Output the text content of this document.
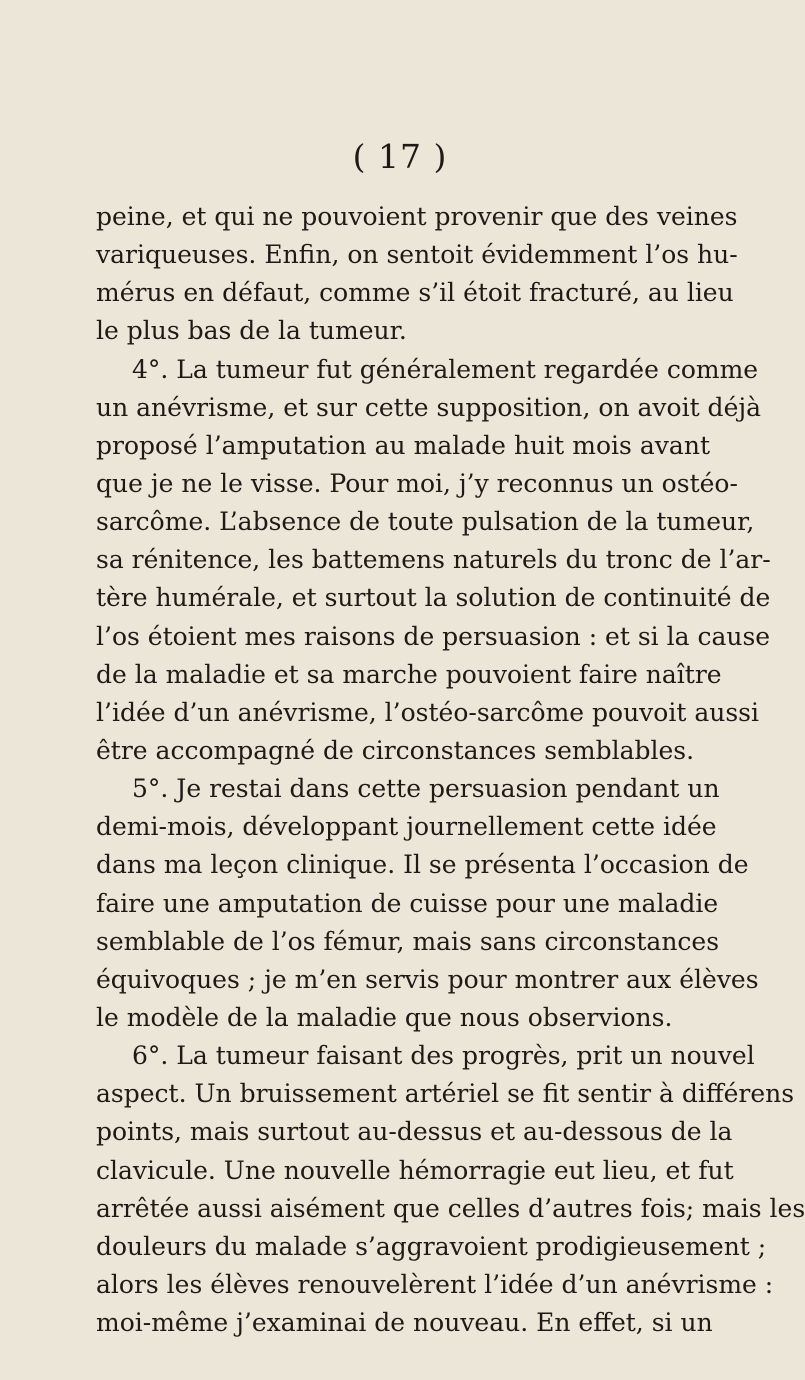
( 17 )
peine, et qui ne pouvoient provenir que des veines
variqueuses. Enfin, on sentoit évidemment l’os hu-
mérus en défaut, comme s’il étoit fracturé, au lieu
le plus bas de la tumeur.
4°. La tumeur fut généralement regardée comme
un anévrisme, et sur cette supposition, on avoit déjà
proposé l’amputation au malade huit mois avant
que je ne le visse. Pour moi, j’y reconnus un ostéo-
sarcôme. L’absence de toute pulsation de la tumeur,
sa rénitence, les battemens naturels du tronc de l’ar-
tère humérale, et surtout la solution de continuité de
l’os étoient mes raisons de persuasion : et si la cause
de la maladie et sa marche pouvoient faire naître
l’idée d’un anévrisme, l’ostéo-sarcôme pouvoit aussi
être accompagné de circonstances semblables.
5°. Je restai dans cette persuasion pendant un
demi-mois, développant journellement cette idée
dans ma leçon clinique. Il se présenta l’occasion de
faire une amputation de cuisse pour une maladie
semblable de l’os fémur, mais sans circonstances
équivoques ; je m’en servis pour montrer aux élèves
le modèle de la maladie que nous observions.
6°. La tumeur faisant des progrès, prit un nouvel
aspect. Un bruissement artériel se fit sentir à différens
points, mais surtout au-dessus et au-dessous de la
clavicule. Une nouvelle hémorragie eut lieu, et fut
arrêtée aussi aisément que celles d’autres fois; mais les
douleurs du malade s’aggravoient prodigieusement ;
alors les élèves renouvelèrent l’idée d’un anévrisme :
moi-même j’examinai de nouveau. En effet, si un
